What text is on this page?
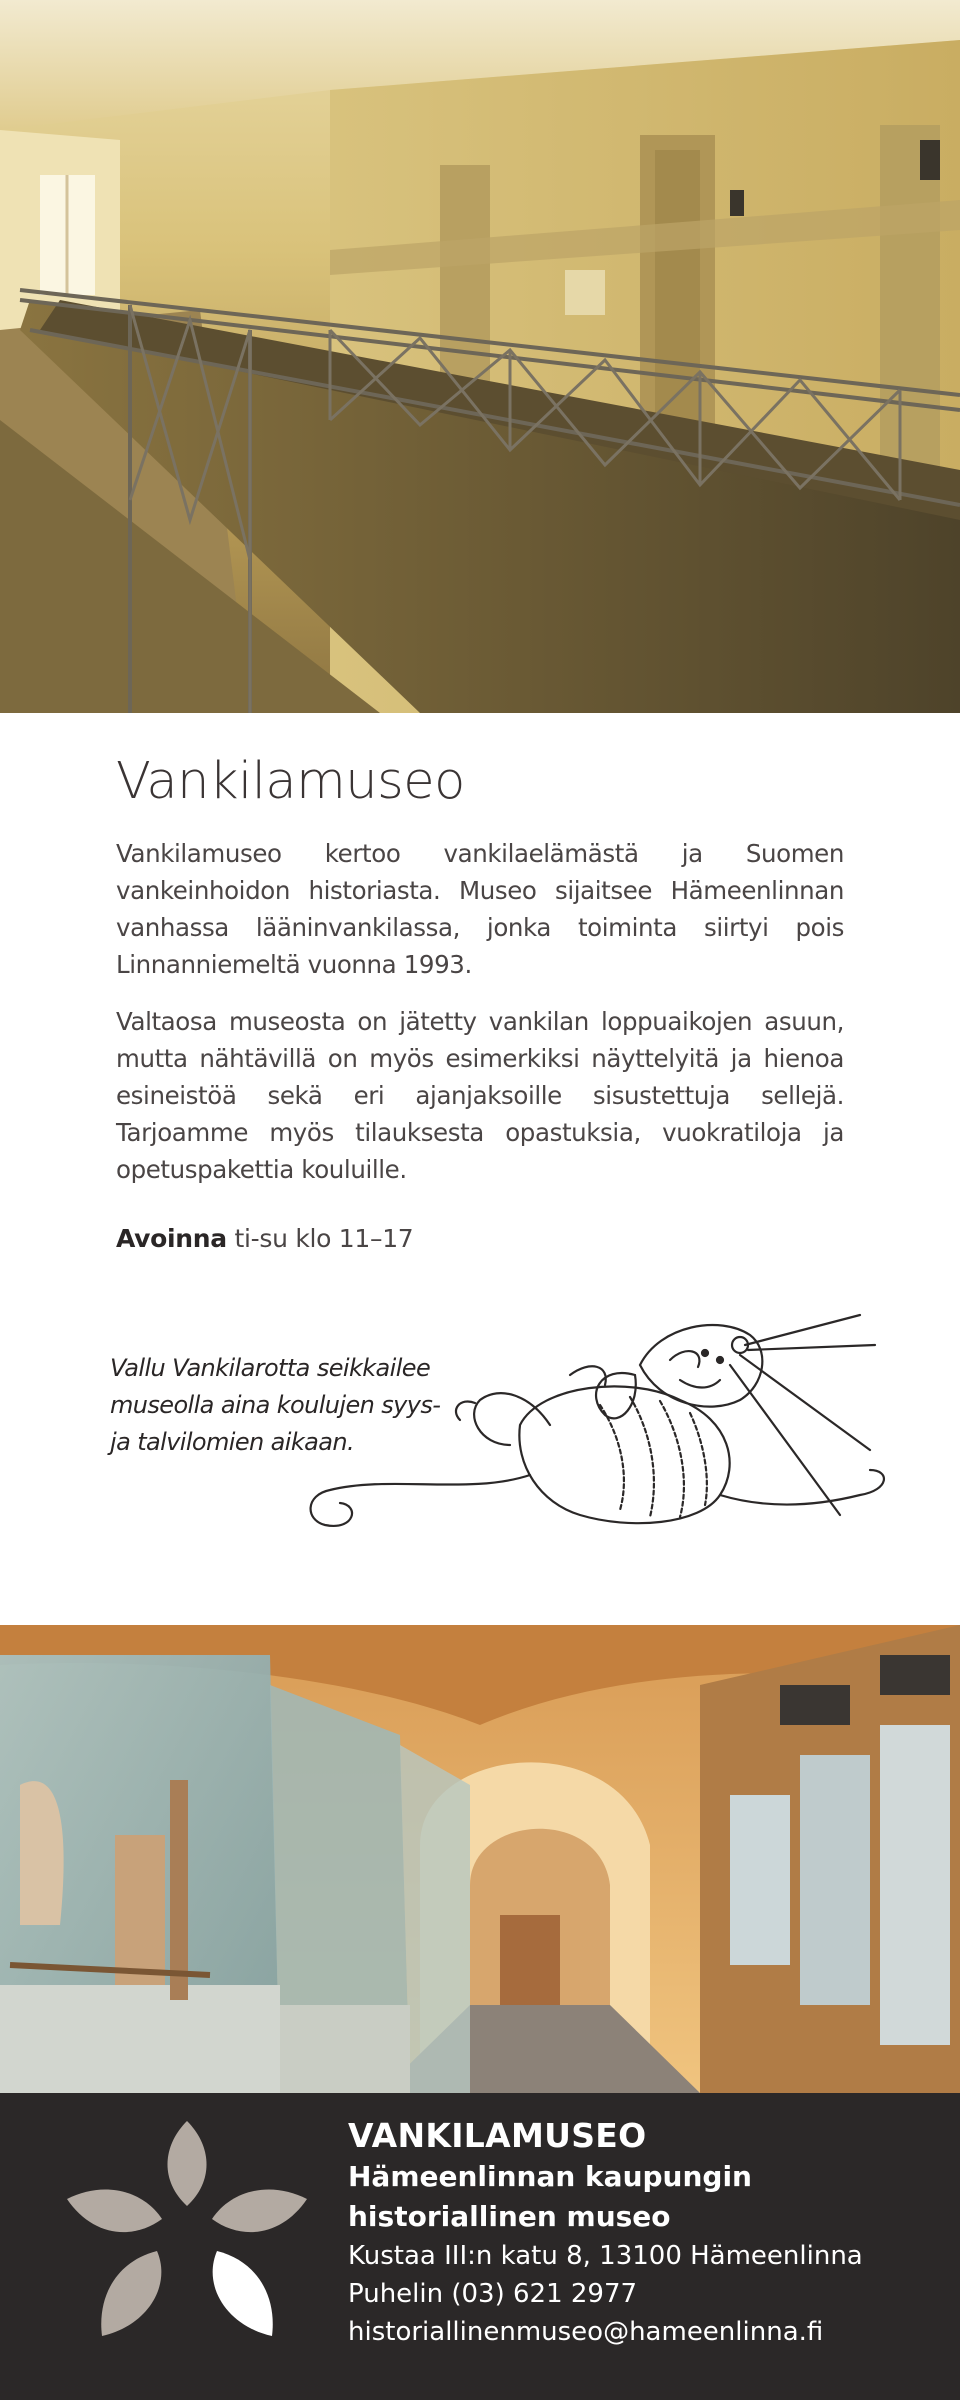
Vankilamuseo

Vankilamuseo kertoo vankilaelämästä ja Suomen vankeinhoidon historiasta. Museo sijaitsee Hämeenlinnan vanhassa lääninvankilassa, jonka toiminta siirtyi pois Linnanniemeltä vuonna 1993.

Valtaosa museosta on jätetty vankilan loppuaikojen asuun, mutta nähtävillä on myös esimerkiksi näyttelyitä ja hienoa esineistöä sekä eri ajanjaksoille sisustettuja sellejä. Tarjoamme myös tilauksesta opastuksia, vuokratiloja ja opetuspakettia kouluille.

Avoinna ti-su klo 11–17
Vallu Vankilarotta seikkailee
museolla aina koulujen syys-
ja talvilomien aikaan.
VANKILAMUSEO
Hämeenlinnan kaupungin
historiallinen museo
Kustaa III:n katu 8, 13100 Hämeenlinna
Puhelin (03) 621 2977
historiallinenmuseo@hameenlinna.fi
